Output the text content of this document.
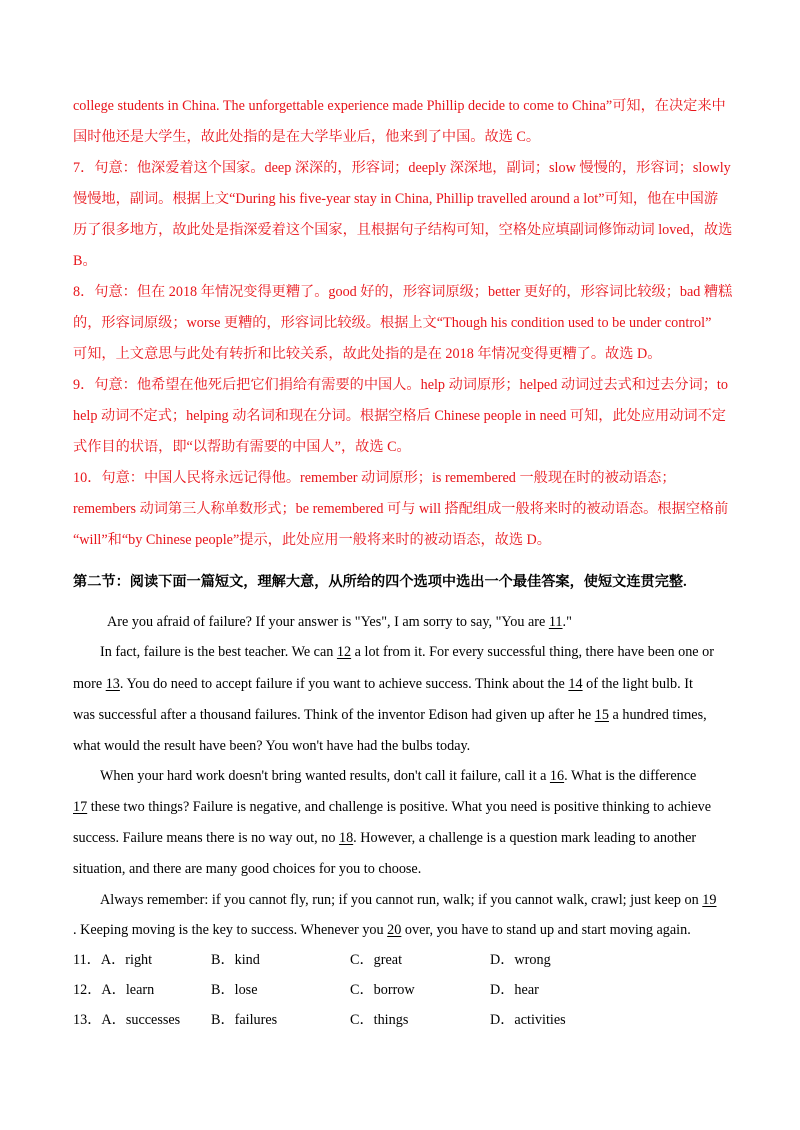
college students in China. The unforgettable experience made Phillip decide to come to China”可知，在决定来中
国时他还是大学生，故此处指的是在大学毕业后，他来到了中国。故选 C。
7．句意：他深爱着这个国家。deep 深深的，形容词；deeply 深深地，副词；slow 慢慢的，形容词；slowly
慢慢地，副词。根据上文“During his five-year stay in China, Phillip travelled around a lot”可知，他在中国游
历了很多地方，故此处是指深爱着这个国家，且根据句子结构可知，空格处应填副词修饰动词 loved，故选
B。
8．句意：但在 2018 年情况变得更糟了。good 好的，形容词原级；better 更好的，形容词比较级；bad 糟糕
的，形容词原级；worse 更糟的，形容词比较级。根据上文“Though his condition used to be under control”
可知，上文意思与此处有转折和比较关系，故此处指的是在 2018 年情况变得更糟了。故选 D。
9．句意：他希望在他死后把它们捐给有需要的中国人。help 动词原形；helped 动词过去式和过去分词；to
help 动词不定式；helping 动名词和现在分词。根据空格后 Chinese people in need 可知，此处应用动词不定
式作目的状语，即“以帮助有需要的中国人”，故选 C。
10．句意：中国人民将永远记得他。remember 动词原形；is remembered 一般现在时的被动语态；
remembers 动词第三人称单数形式；be remembered 可与 will 搭配组成一般将来时的被动语态。根据空格前
“will”和“by Chinese people”提示，此处应用一般将来时的被动语态，故选 D。
第二节：阅读下面一篇短文，理解大意，从所给的四个选项中选出一个最佳答案，使短文连贯完整.
Are you afraid of failure? If your answer is "Yes", I am sorry to say, "You are 11."
In fact, failure is the best teacher. We can 12 a lot from it. For every successful thing, there have been one or
more 13. You do need to accept failure if you want to achieve success. Think about the 14 of the light bulb. It
was successful after a thousand failures. Think of the inventor Edison had given up after he 15 a hundred times,
what would the result have been? You won't have had the bulbs today.
When your hard work doesn't bring wanted results, don't call it failure, call it a 16. What is the difference
17 these two things? Failure is negative, and challenge is positive. What you need is positive thinking to achieve
success. Failure means there is no way out, no 18. However, a challenge is a question mark leading to another
situation, and there are many good choices for you to choose.
Always remember: if you cannot fly, run; if you cannot run, walk; if you cannot walk, crawl; just keep on 19
. Keeping moving is the key to success. Whenever you 20 over, you have to stand up and start moving again.
11．A．right	B．kind	C．great	D．wrong
12．A．learn	B．lose	C．borrow	D．hear
13．A．successes B．failures	C．things	D．activities
